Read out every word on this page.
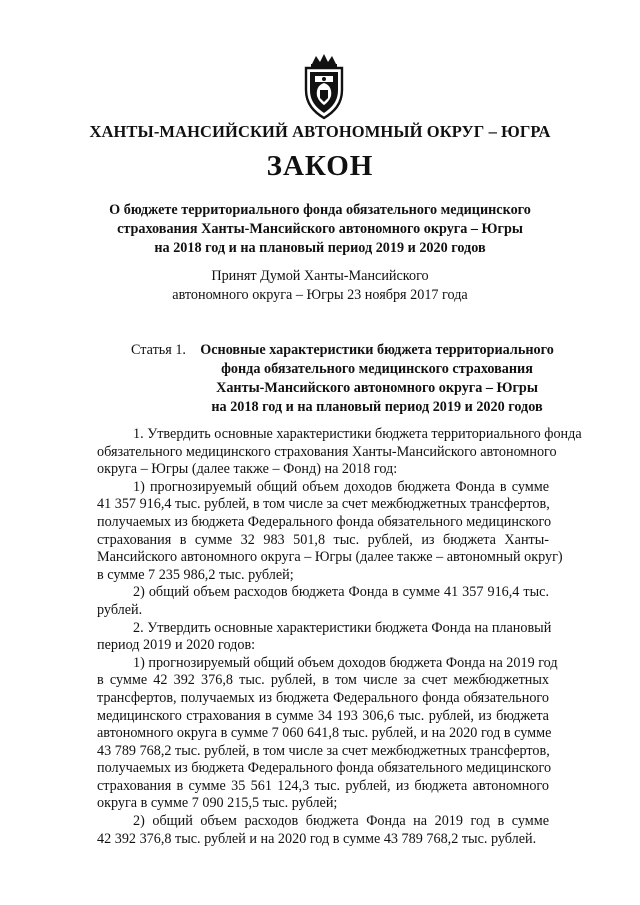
ХАНТЫ-МАНСИЙСКИЙ АВТОНОМНЫЙ ОКРУГ – ЮГРА
ЗАКОН
О бюджете территориального фонда обязательного медицинского
страхования Ханты-Мансийского автономного округа – Югры
на 2018 год и на плановый период 2019 и 2020 годов
Принят Думой Ханты-Мансийского
автономного округа – Югры 23 ноября 2017 года
Статья 1.	Основные характеристики бюджета территориального
фонда обязательного медицинского страхования
Ханты-Мансийского автономного округа – Югры
на 2018 год и на плановый период 2019 и 2020 годов
1. Утвердить основные характеристики бюджета территориального фонда
обязательного медицинского страхования Ханты-Мансийского автономного
округа – Югры (далее также – Фонд) на 2018 год:
1) прогнозируемый общий объем доходов бюджета Фонда в сумме
41 357 916,4 тыс. рублей, в том числе за счет межбюджетных трансфертов,
получаемых из бюджета Федерального фонда обязательного медицинского
страхования в сумме 32 983 501,8 тыс. рублей, из бюджета Ханты-
Мансийского автономного округа – Югры (далее также – автономный округ)
в сумме 7 235 986,2 тыс. рублей;
2) общий объем расходов бюджета Фонда в сумме 41 357 916,4 тыс.
рублей.
2. Утвердить основные характеристики бюджета Фонда на плановый
период 2019 и 2020 годов:
1) прогнозируемый общий объем доходов бюджета Фонда на 2019 год
в сумме 42 392 376,8 тыс. рублей, в том числе за счет межбюджетных
трансфертов, получаемых из бюджета Федерального фонда обязательного
медицинского страхования в сумме 34 193 306,6 тыс. рублей, из бюджета
автономного округа в сумме 7 060 641,8 тыс. рублей, и на 2020 год в сумме
43 789 768,2 тыс. рублей, в том числе за счет межбюджетных трансфертов,
получаемых из бюджета Федерального фонда обязательного медицинского
страхования в сумме 35 561 124,3 тыс. рублей, из бюджета автономного
округа в сумме 7 090 215,5 тыс. рублей;
2) общий объем расходов бюджета Фонда на 2019 год в сумме
42 392 376,8 тыс. рублей и на 2020 год в сумме 43 789 768,2 тыс. рублей.
